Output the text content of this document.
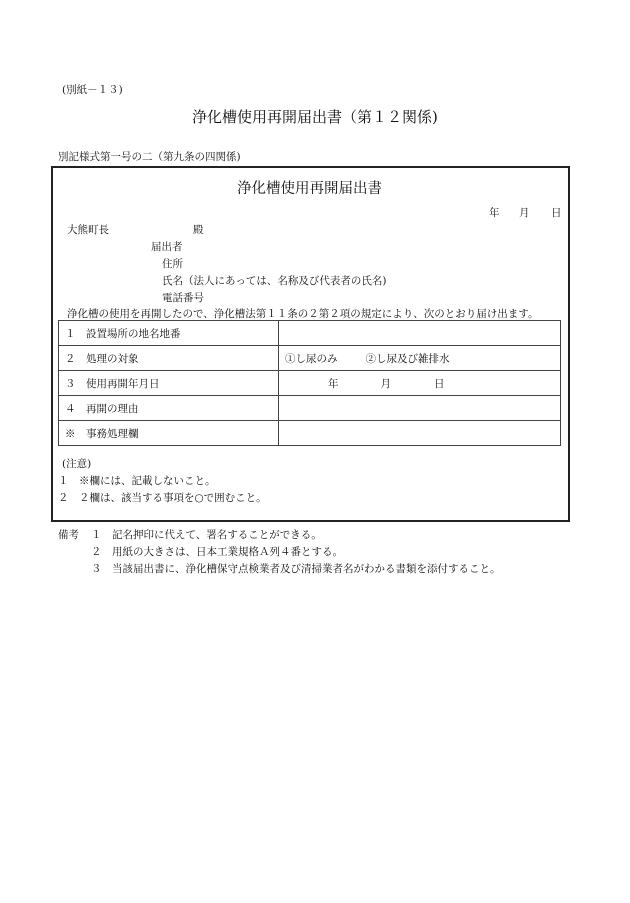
(別紙－１３)
浄化槽使用再開届出書（第１２関係)
別記様式第一号の二（第九条の四関係)
浄化槽使用再開届出書
年 月 日
大熊町長	殿
届出者
住所
氏名（法人にあっては、名称及び代表者の氏名)
電話番号
浄化槽の使用を再開したので、浄化槽法第１１条の２第２項の規定により、次のとおり届け出ます。
１　設置場所の地名地番	
２　処理の対象	①し尿のみ ②し尿及び雑排水
３　使用再開年月日	年 月 日
４　再開の理由	
※　事務処理欄	
(注意)
１　※欄には、記載しないこと。
２　２欄は、該当する事項を○で囲むこと。
備考 １　記名押印に代えて、署名することができる。
２　用紙の大きさは、日本工業規格Ａ列４番とする。
３　当該届出書に、浄化槽保守点検業者及び清掃業者名がわかる書類を添付すること。
